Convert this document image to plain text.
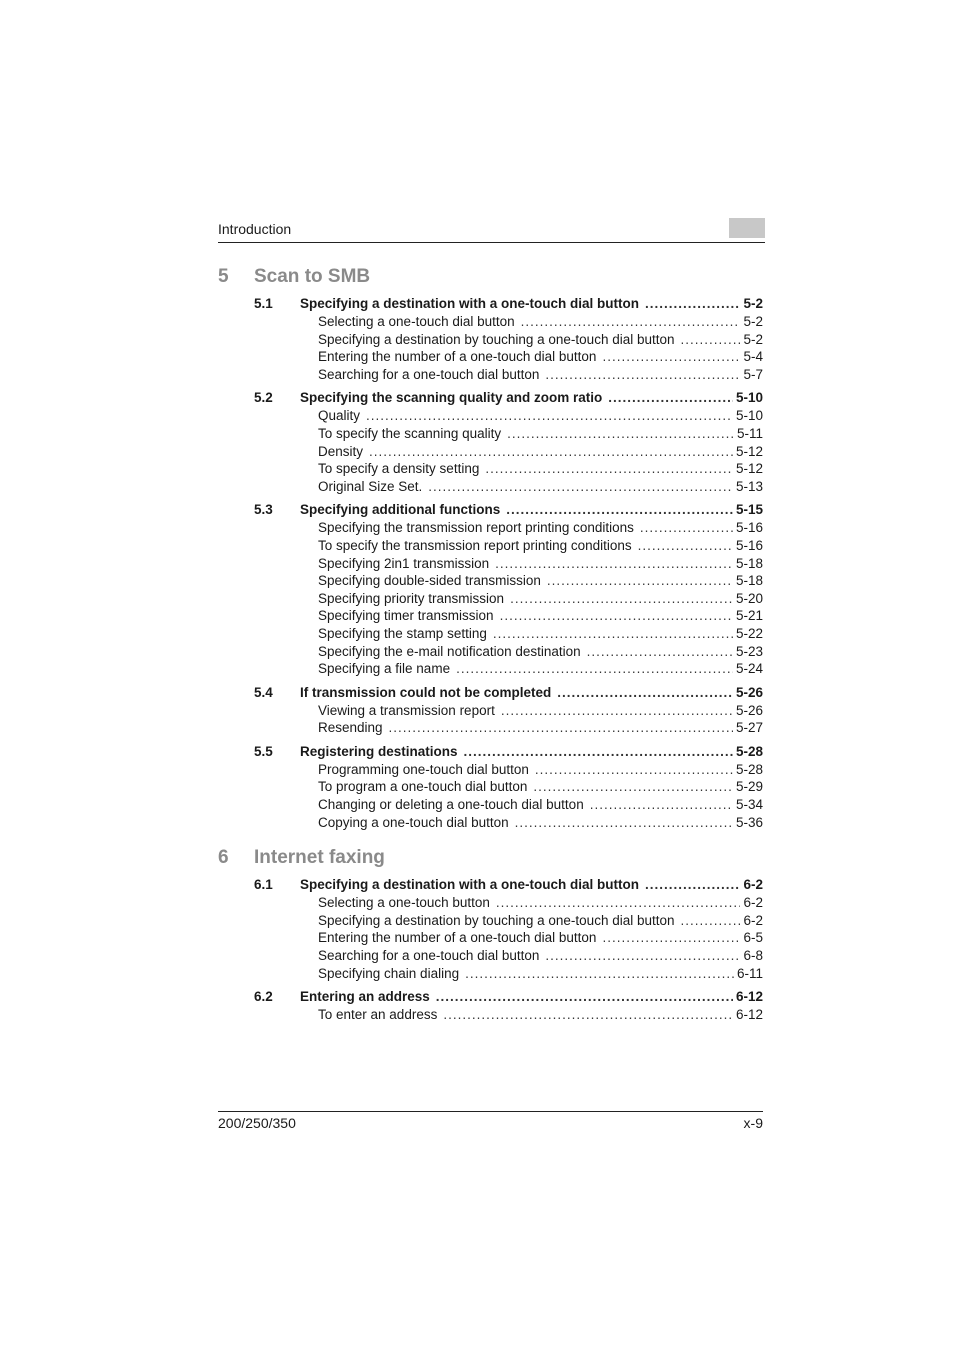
Introduction
5	Scan to SMB
5.1	Specifying a destination with a one-touch dial button .....	5-2
Selecting a one-touch dial button .....	5-2
Specifying a destination by touching a one-touch dial button .....	5-2
Entering the number of a one-touch dial button .....	5-4
Searching for a one-touch dial button .....	5-7
5.2	Specifying the scanning quality and zoom ratio .....	5-10
Quality .....	5-10
To specify the scanning quality .....	5-11
Density .....	5-12
To specify a density setting .....	5-12
Original Size Set. .....	5-13
5.3	Specifying additional functions .....	5-15
Specifying the transmission report printing conditions .....	5-16
To specify the transmission report printing conditions .....	5-16
Specifying 2in1 transmission .....	5-18
Specifying double-sided transmission .....	5-18
Specifying priority transmission .....	5-20
Specifying timer transmission .....	5-21
Specifying the stamp setting .....	5-22
Specifying the e-mail notification destination .....	5-23
Specifying a file name .....	5-24
5.4	If transmission could not be completed .....	5-26
Viewing a transmission report .....	5-26
Resending .....	5-27
5.5	Registering destinations .....	5-28
Programming one-touch dial button .....	5-28
To program a one-touch dial button .....	5-29
Changing or deleting a one-touch dial button .....	5-34
Copying a one-touch dial button .....	5-36
6	Internet faxing
6.1	Specifying a destination with a one-touch dial button .....	6-2
Selecting a one-touch button .....	6-2
Specifying a destination by touching a one-touch dial button .....	6-2
Entering the number of a one-touch dial button .....	6-5
Searching for a one-touch dial button .....	6-8
Specifying chain dialing .....	6-11
6.2	Entering an address .....	6-12
To enter an address .....	6-12
200/250/350	x-9
